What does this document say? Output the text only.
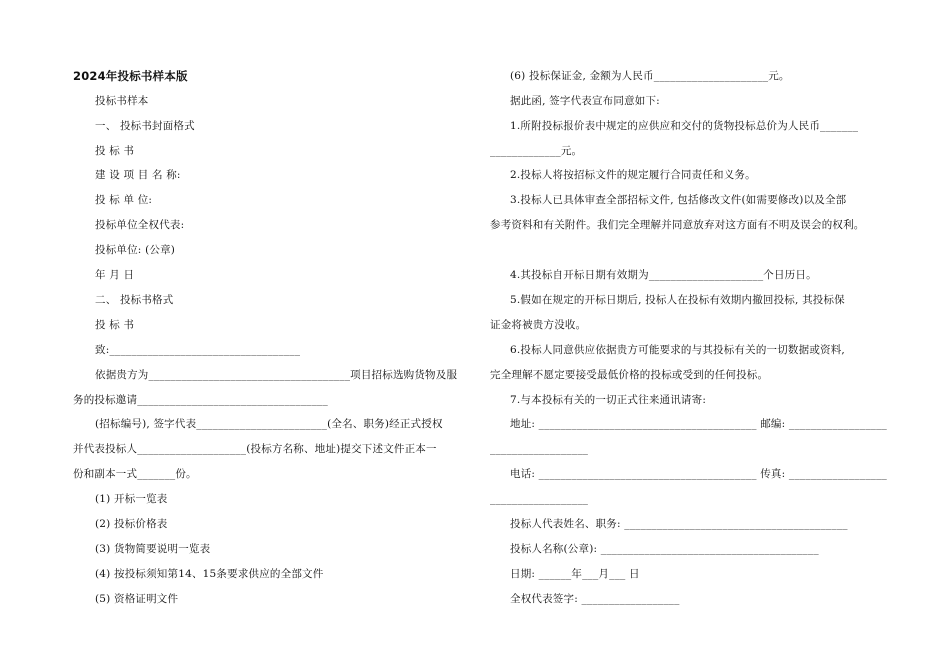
2024年投标书样本版
投标书样本
一、 投标书封面格式
投 标 书
建 设 项 目 名 称:
投 标 单 位:
投标单位全权代表:
投标单位: (公章)
年 月 日
二、 投标书格式
投 标 书
致:___________________________________
依据贵方为_____________________________________项目招标选购货物及服
务的投标邀请___________________________________
(招标编号), 签字代表________________________(全名、职务)经正式授权
并代表投标人____________________(投标方名称、地址)提交下述文件正本一
份和副本一式_______份。
(1) 开标一览表
(2) 投标价格表
(3) 货物简要说明一览表
(4) 按投标须知第14、15条要求供应的全部文件
(5) 资格证明文件
(6) 投标保证金, 金额为人民币_____________________元。
据此函, 签字代表宣布同意如下:
1.所附投标报价表中规定的应供应和交付的货物投标总价为人民币_______
_____________元。
2.投标人将按招标文件的规定履行合同责任和义务。
3.投标人已具体审查全部招标文件, 包括修改文件(如需要修改)以及全部
参考资料和有关附件。我们完全理解并同意放弃对这方面有不明及误会的权利。
4.其投标自开标日期有效期为_____________________个日历日。
5.假如在规定的开标日期后, 投标人在投标有效期内撤回投标, 其投标保
证金将被贵方没收。
6.投标人同意供应依据贵方可能要求的与其投标有关的一切数据或资料,
完全理解不愿定要接受最低价格的投标或受到的任何投标。
7.与本投标有关的一切正式往来通讯请寄:
地址: ________________________________________ 邮编: __________________
__________________
电话: ________________________________________ 传真: __________________
__________________
投标人代表姓名、职务: _________________________________________
投标人名称(公章): ________________________________________
日期: ______年___月___ 日
全权代表签字: __________________
